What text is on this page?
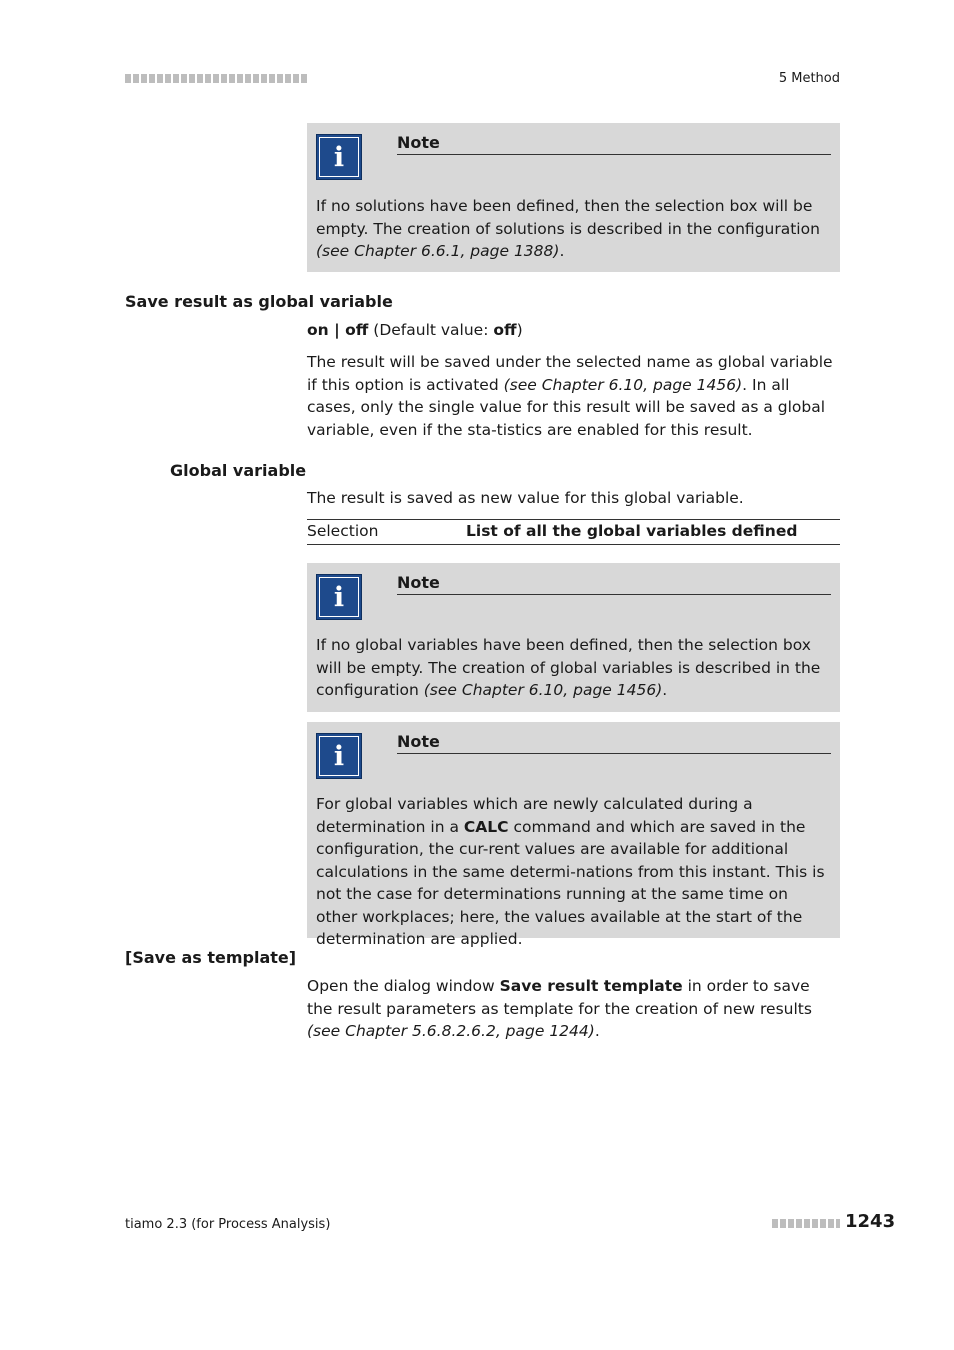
5 Method
i	Note
If no solutions have been defined, then the selection box will be empty. The creation of solutions is described in the configuration (see Chapter 6.6.1, page 1388).
Save result as global variable
on | off (Default value: off)
The result will be saved under the selected name as global variable if this option is activated (see Chapter 6.10, page 1456). In all cases, only the single value for this result will be saved as a global variable, even if the sta-tistics are enabled for this result.
Global variable
The result is saved as new value for this global variable.
Selection	List of all the global variables defined
i	Note
If no global variables have been defined, then the selection box will be empty. The creation of global variables is described in the configuration (see Chapter 6.10, page 1456).
i	Note
For global variables which are newly calculated during a determination in a CALC command and which are saved in the configuration, the cur-rent values are available for additional calculations in the same determi-nations from this instant. This is not the case for determinations running at the same time on other workplaces; here, the values available at the start of the determination are applied.
[Save as template]
Open the dialog window Save result template in order to save the result parameters as template for the creation of new results (see Chapter 5.6.8.2.6.2, page 1244).
tiamo 2.3 (for Process Analysis)	1243
